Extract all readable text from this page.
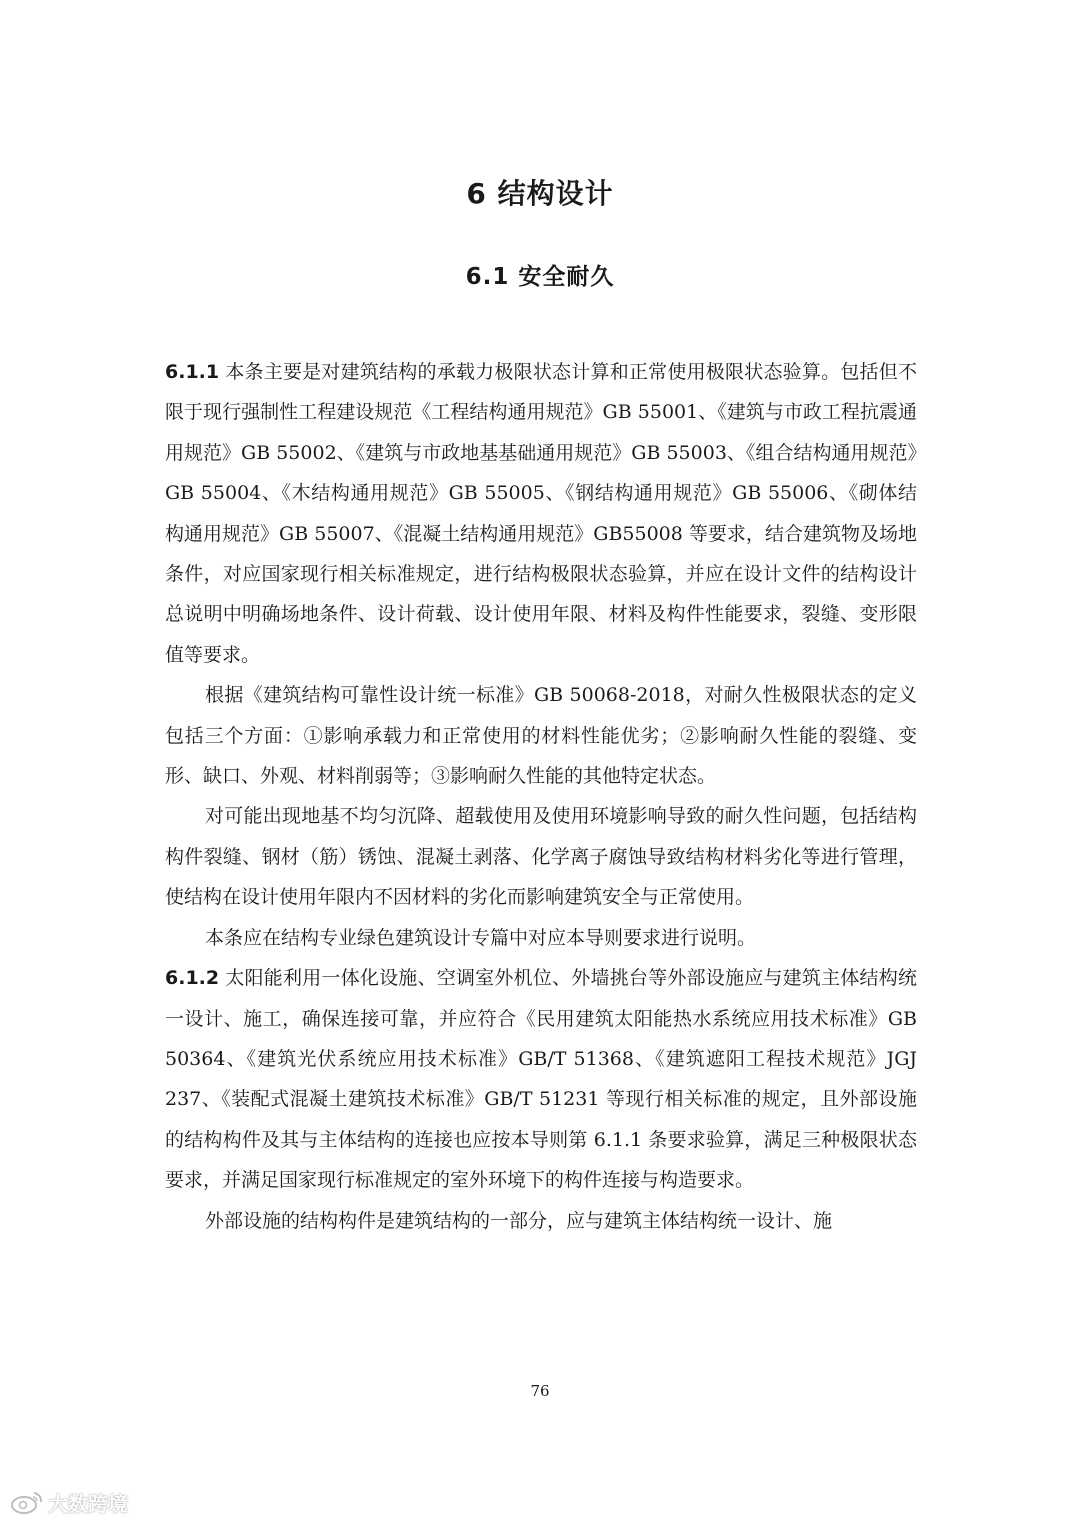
6 结构设计
6.1 安全耐久

6.1.1 本条主要是对建筑结构的承载力极限状态计算和正常使用极限状态验算。包括但不限于现行强制性工程建设规范《工程结构通用规范》GB 55001、《建筑与市政工程抗震通用规范》GB 55002、《建筑与市政地基基础通用规范》GB 55003、《组合结构通用规范》GB 55004、《木结构通用规范》GB 55005、《钢结构通用规范》GB 55006、《砌体结构通用规范》GB 55007、《混凝土结构通用规范》GB55008 等要求，结合建筑物及场地条件，对应国家现行相关标准规定，进行结构极限状态验算，并应在设计文件的结构设计总说明中明确场地条件、设计荷载、设计使用年限、材料及构件性能要求，裂缝、变形限值等要求。

根据《建筑结构可靠性设计统一标准》GB 50068-2018，对耐久性极限状态的定义包括三个方面：①影响承载力和正常使用的材料性能优劣；②影响耐久性能的裂缝、变形、缺口、外观、材料削弱等；③影响耐久性能的其他特定状态。

对可能出现地基不均匀沉降、超载使用及使用环境影响导致的耐久性问题，包括结构构件裂缝、钢材（筋）锈蚀、混凝土剥落、化学离子腐蚀导致结构材料劣化等进行管理，使结构在设计使用年限内不因材料的劣化而影响建筑安全与正常使用。

本条应在结构专业绿色建筑设计专篇中对应本导则要求进行说明。

6.1.2 太阳能利用一体化设施、空调室外机位、外墙挑台等外部设施应与建筑主体结构统一设计、施工，确保连接可靠，并应符合《民用建筑太阳能热水系统应用技术标准》GB 50364、《建筑光伏系统应用技术标准》GB/T 51368、《建筑遮阳工程技术规范》JGJ 237、《装配式混凝土建筑技术标准》GB/T 51231 等现行相关标准的规定，且外部设施的结构构件及其与主体结构的连接也应按本导则第 6.1.1 条要求验算，满足三种极限状态要求，并满足国家现行标准规定的室外环境下的构件连接与构造要求。

外部设施的结构构件是建筑结构的一部分，应与建筑主体结构统一设计、施

76
大数跨境
